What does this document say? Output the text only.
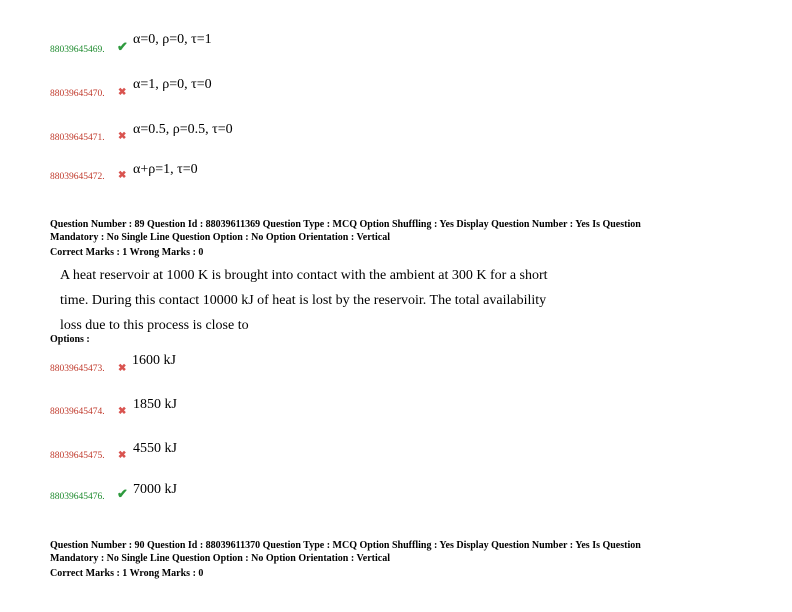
88039645469. ✔ α=0, ρ=0, τ=1
88039645470. ✖
α=1, ρ=0, τ=0
88039645471. ✖ α=0.5, ρ=0.5, τ=0
88039645472. ✖ α+ρ=1, τ=0
Question Number : 89 Question Id : 88039611369 Question Type : MCQ Option Shuffling : Yes Display Question Number : Yes Is Question
Mandatory : No Single Line Question Option : No Option Orientation : Vertical
Correct Marks : 1 Wrong Marks : 0
A heat reservoir at 1000 K is brought into contact with the ambient at 300 K for a short
time. During this contact 10000 kJ of heat is lost by the reservoir. The total availability
loss due to this process is close to
Options :
88039645473. ✖
1600 kJ
88039645474. ✖ 1850 kJ
88039645475. ✖ 4550 kJ
88039645476. ✔ 7000 kJ
Question Number : 90 Question Id : 88039611370 Question Type : MCQ Option Shuffling : Yes Display Question Number : Yes Is Question
Mandatory : No Single Line Question Option : No Option Orientation : Vertical
Correct Marks : 1 Wrong Marks : 0
